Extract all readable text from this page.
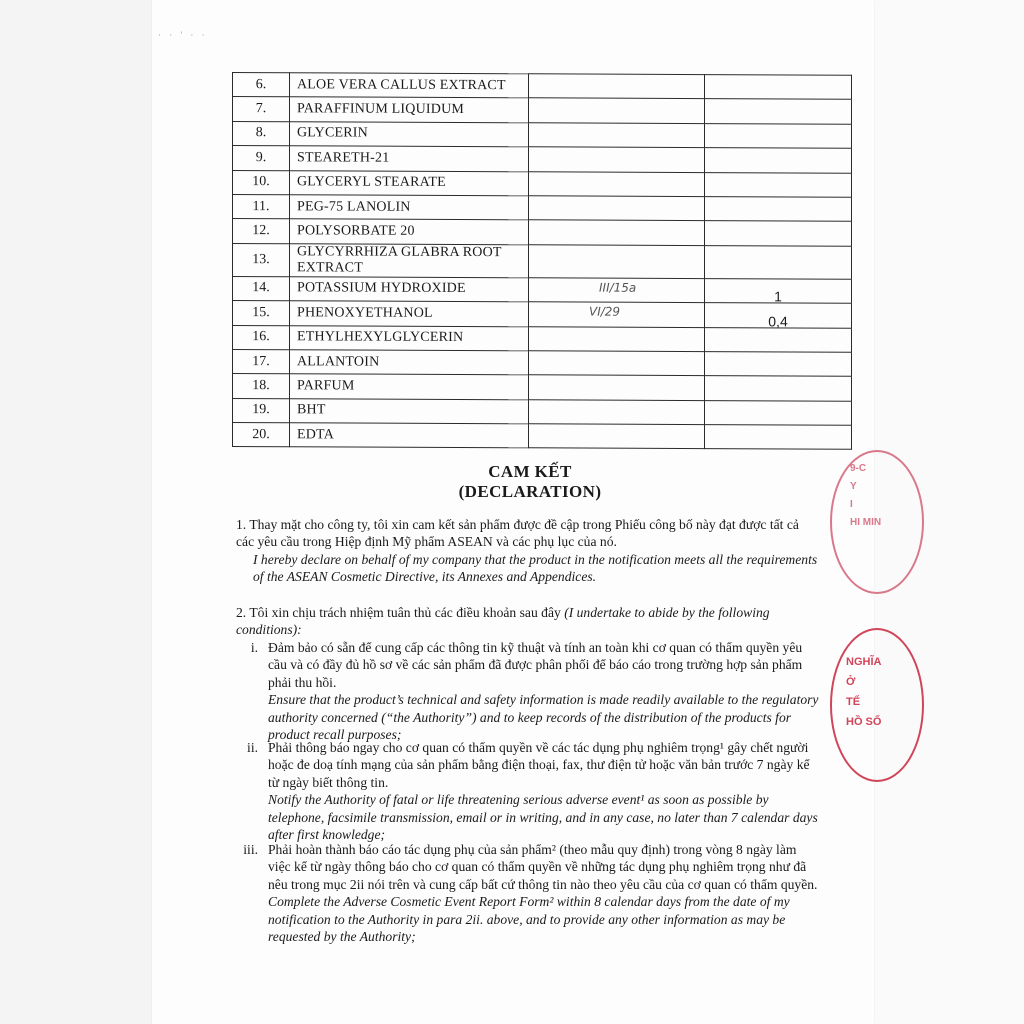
· · ' · ·
6.	ALOE VERA CALLUS EXTRACT	

7.	PARAFFINUM LIQUIDUM	

8.	GLYCERIN	

9.	STEARETH-21	

10.	GLYCERYL STEARATE	

11.	PEG-75 LANOLIN	

12.	POLYSORBATE 20	

13.	GLYCYRRHIZA GLABRA ROOT EXTRACT	

14.	POTASSIUM HYDROXIDE	III/15a	1
15.	PHENOXYETHANOL	VI/29	0,4
16.	ETHYLHEXYLGLYCERIN	

17.	ALLANTOIN	

18.	PARFUM	

19.	BHT	

20.	EDTA	

CAM KẾT
(DECLARATION)

1. Thay mặt cho công ty, tôi xin cam kết sản phẩm được đề cập trong Phiếu công bố này đạt được tất cả các yêu cầu trong Hiệp định Mỹ phẩm ASEAN và các phụ lục của nó.

I hereby declare on behalf of my company that the product in the notification meets all the requirements of the ASEAN Cosmetic Directive, its Annexes and Appendices.

2. Tôi xin chịu trách nhiệm tuân thủ các điều khoản sau đây (I undertake to abide by the following conditions):

i. Đảm bảo có sẵn để cung cấp các thông tin kỹ thuật và tính an toàn khi cơ quan có thẩm quyền yêu cầu và có đầy đủ hồ sơ về các sản phẩm đã được phân phối để báo cáo trong trường hợp sản phẩm phải thu hồi.

Ensure that the product’s technical and safety information is made readily available to the regulatory authority concerned (“the Authority”) and to keep records of the distribution of the products for product recall purposes;

ii. Phải thông báo ngay cho cơ quan có thẩm quyền về các tác dụng phụ nghiêm trọng¹ gây chết người hoặc đe doạ tính mạng của sản phẩm bằng điện thoại, fax, thư điện tử hoặc văn bản trước 7 ngày kể từ ngày biết thông tin.

Notify the Authority of fatal or life threatening serious adverse event¹ as soon as possible by telephone, facsimile transmission, email or in writing, and in any case, no later than 7 calendar days after first knowledge;

iii. Phải hoàn thành báo cáo tác dụng phụ của sản phẩm² (theo mẫu quy định) trong vòng 8 ngày làm việc kể từ ngày thông báo cho cơ quan có thẩm quyền về những tác dụng phụ nghiêm trọng như đã nêu trong mục 2ii nói trên và cung cấp bất cứ thông tin nào theo yêu cầu của cơ quan có thẩm quyền.

Complete the Adverse Cosmetic Event Report Form² within 8 calendar days from the date of my notification to the Authority in para 2ii. above, and to provide any other information as may be requested by the Authority;

9-C
Y
I
HI MIN
NGHĨA
Ở
TẾ
HỒ SỐ
